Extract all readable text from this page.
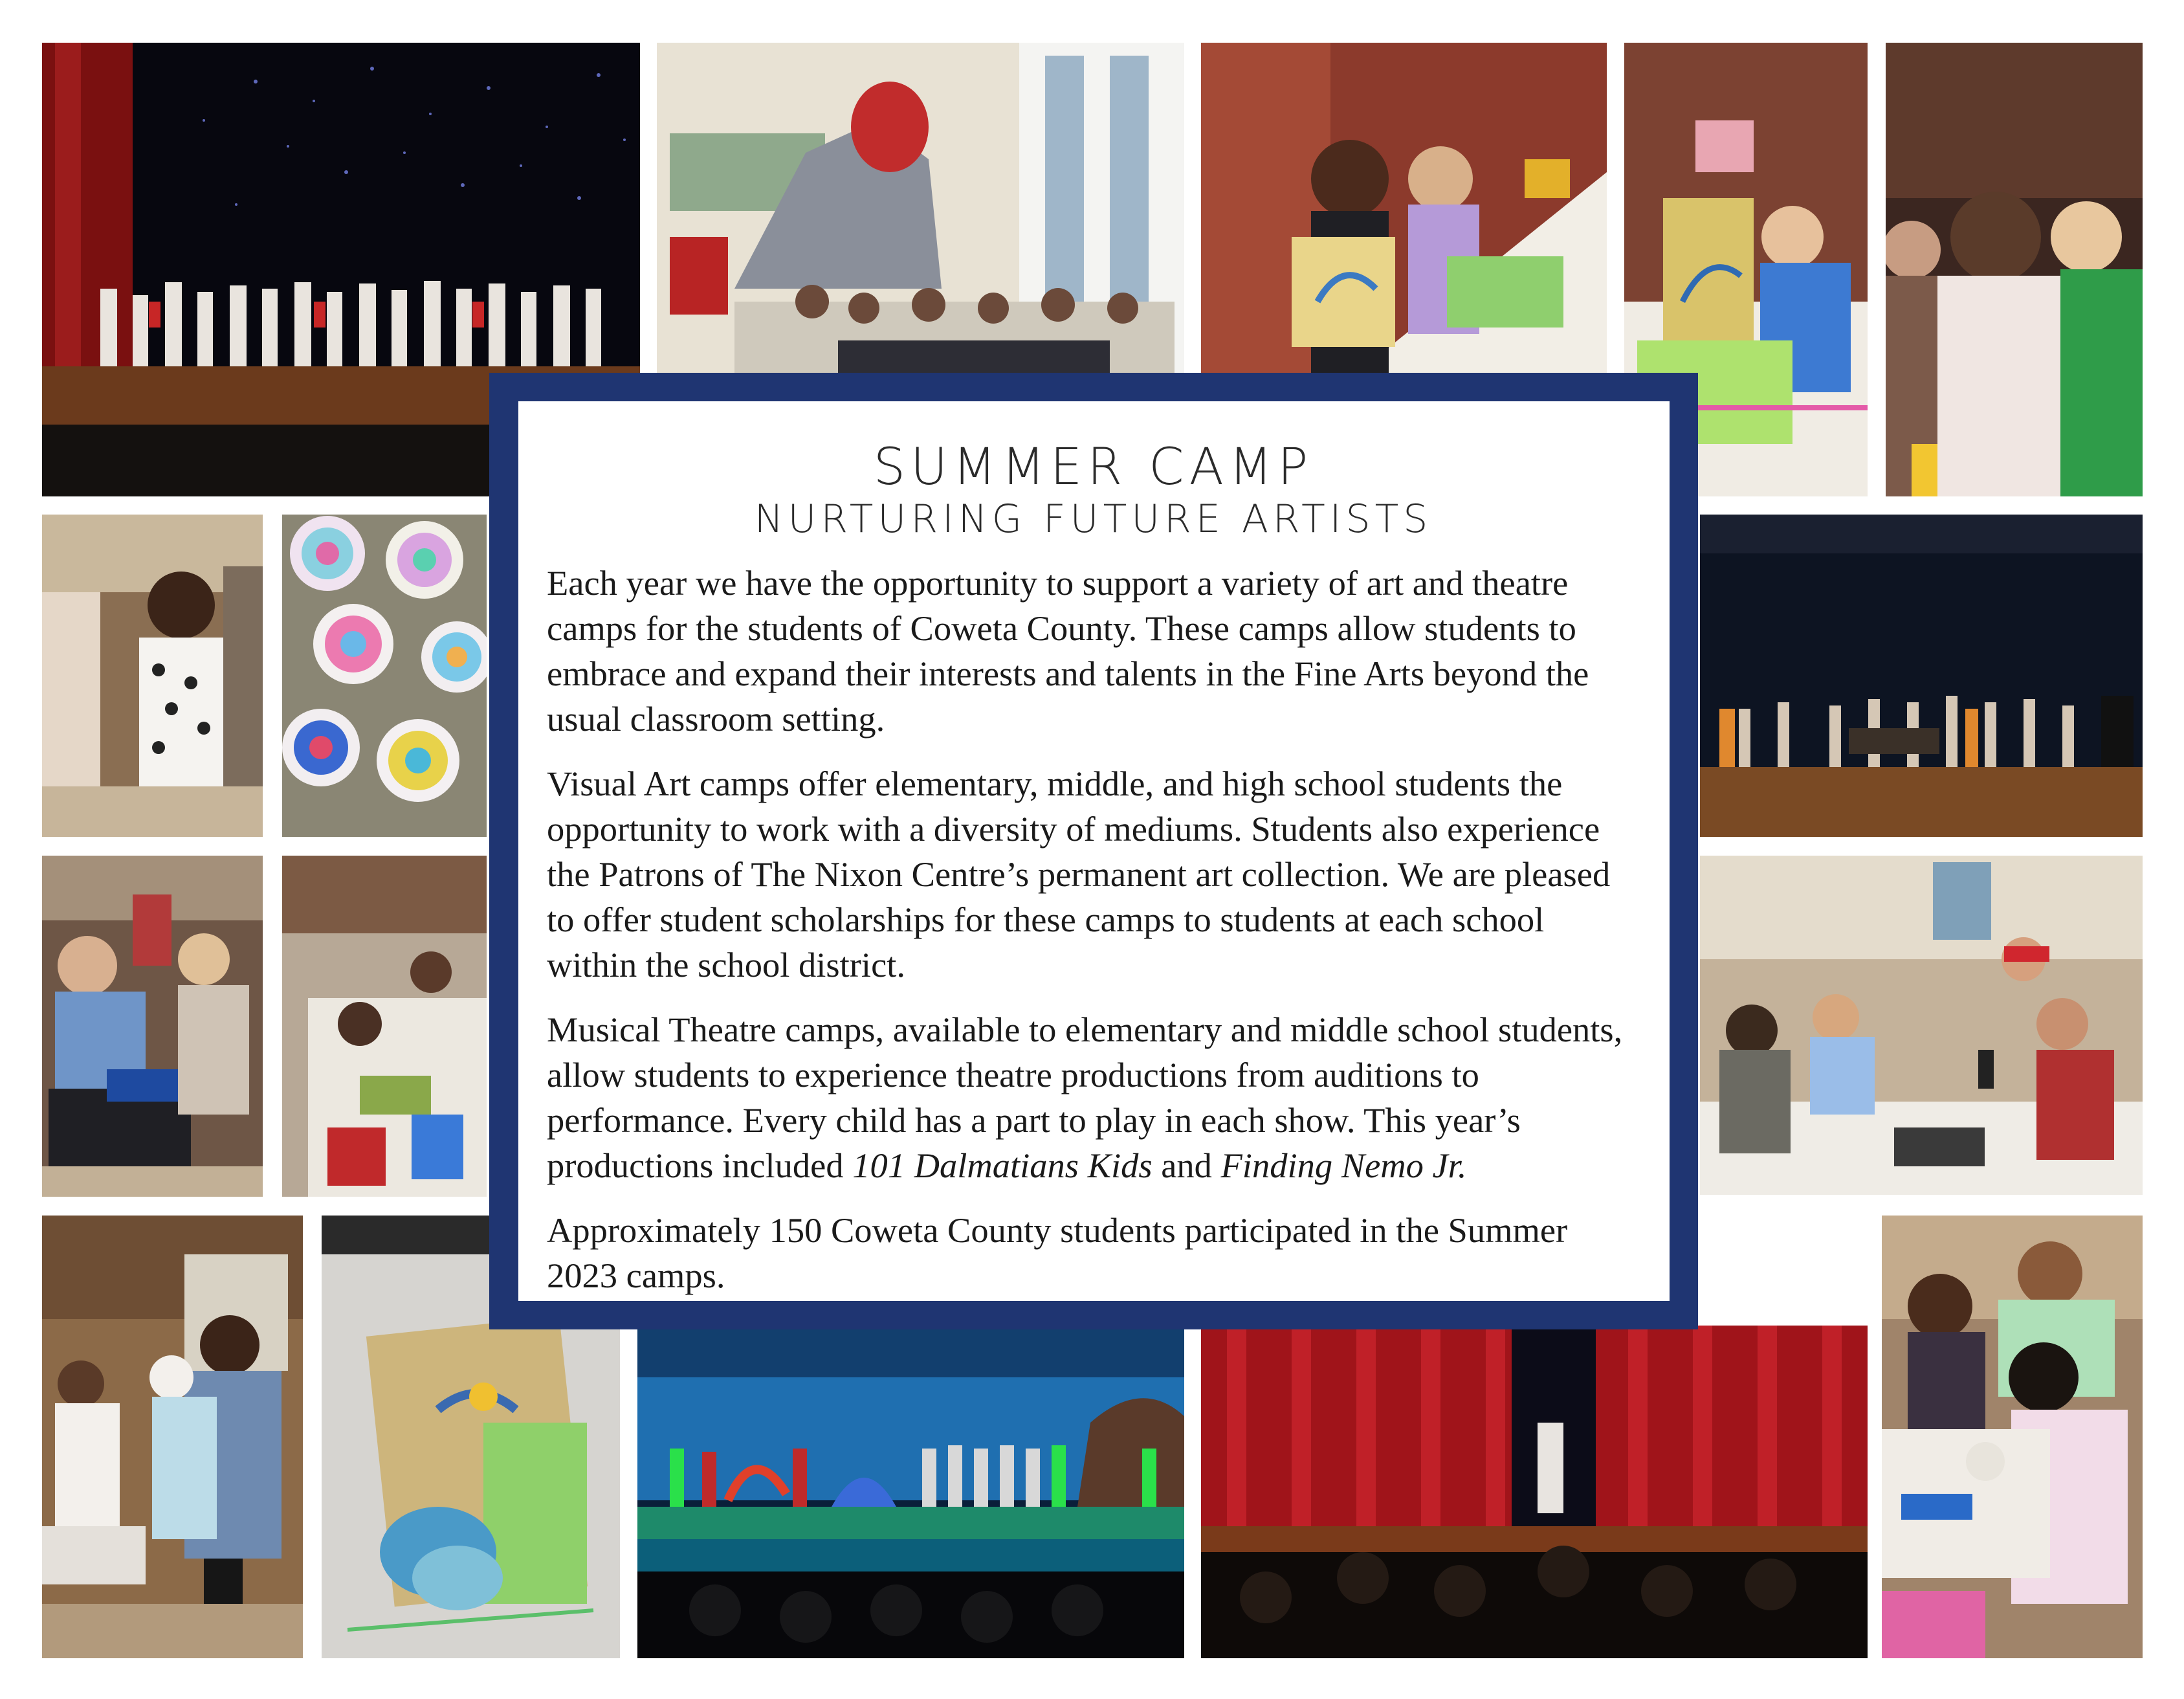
SUMMER CAMP
NURTURING FUTURE ARTISTS

Each year we have the opportunity to support a variety of art and theatre camps for the students of Coweta County. These camps allow students to embrace and expand their interests and talents in the Fine Arts beyond the usual classroom setting.

Visual Art camps offer elementary, middle, and high school students the opportunity to work with a diversity of mediums. Students also experience the Patrons of The Nixon Centre’s permanent art collection. We are pleased to offer student scholarships for these camps to students at each school within the school district.

Musical Theatre camps, available to elementary and middle school students, allow students to experience theatre productions from auditions to performance. Every child has a part to play in each show. This year’s productions included 101 Dalmatians Kids and Finding Nemo Jr.

Approximately 150 Coweta County students participated in the Summer 2023 camps.
